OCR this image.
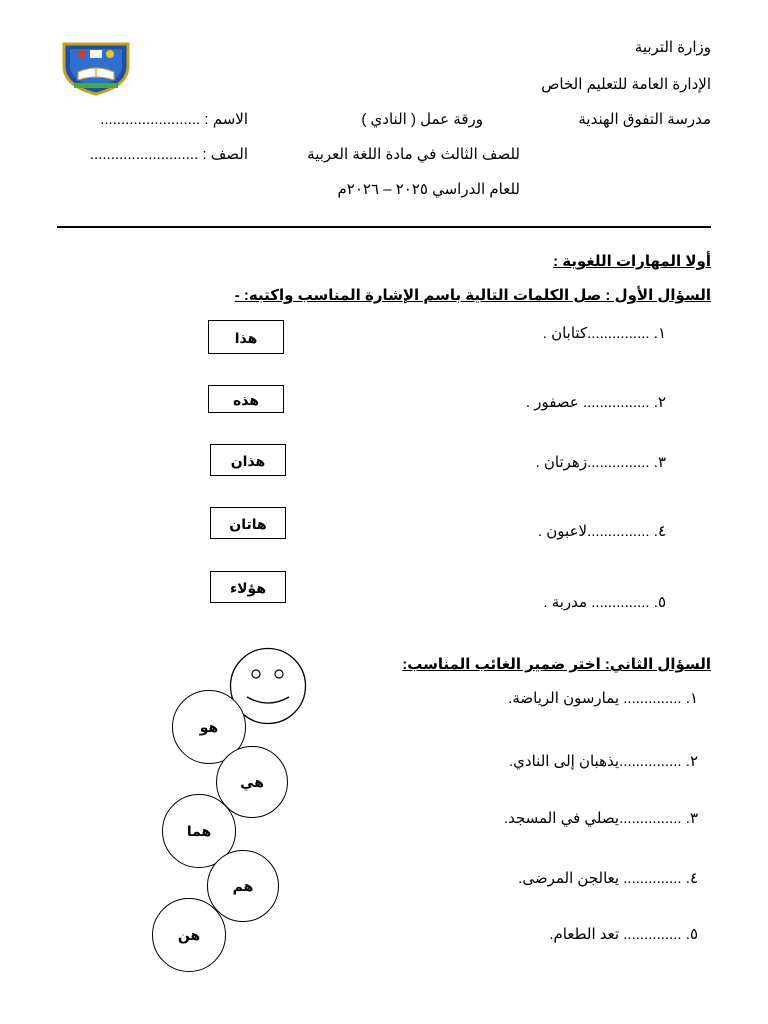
وزارة التربية
الإدارة العامة للتعليم الخاص
مدرسة التفوق الهندية
ورقة عمل ( النادي )
الاسم : ........................
للصف الثالث في مادة اللغة العربية
الصف : ..........................
للعام الدراسي ٢٠٢٥ – ٢٠٢٦م
أولا المهارات اللغوية :
السؤال الأول : صل الكلمات التالية باسم الإشارة المناسب واكتبه: -
١. ...............كتابان .
٢. ................ عصفور .
٣. ...............زهرتان .
٤. ...............لاعبون .
٥. .............. مدربة .
هذا
هذه
هذان
هاتان
هؤلاء
السؤال الثاني: اختر ضمير الغائب المناسب:
١. .............. يمارسون الرياضة.
٢. ...............يذهبان إلى النادي.
٣. ...............يصلي في المسجد.
٤. .............. يعالجن المرضى.
٥. .............. تعد الطعام.
هو
هي
هما
هم
هن
